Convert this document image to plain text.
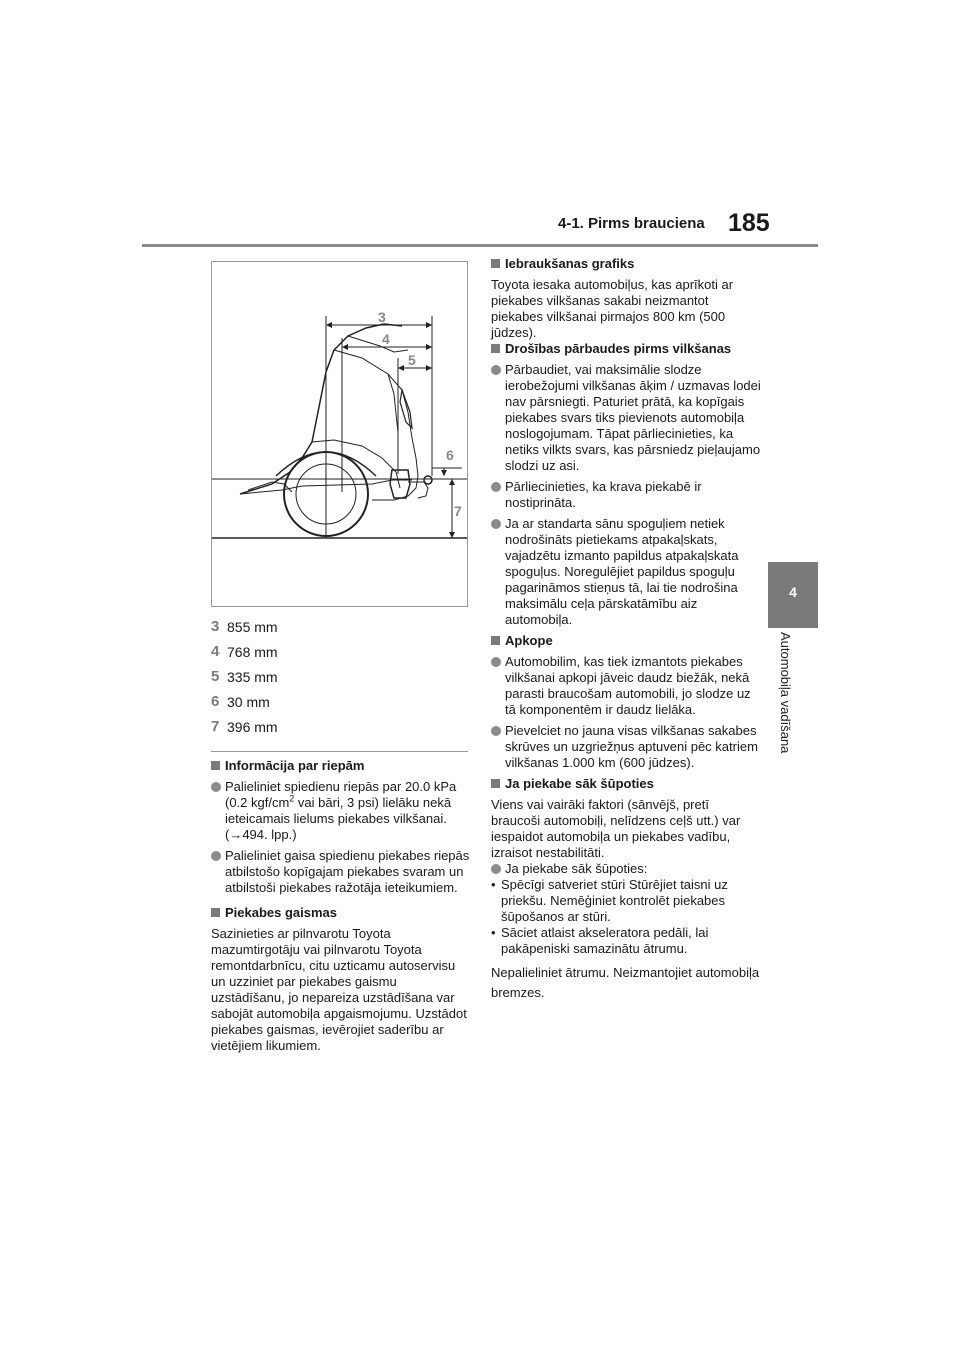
4-1. Pirms brauciena 185
4
Automobiļa vadīšana
3
4
5
6
7
3 855 mm
4 768 mm
5 335 mm
6 30 mm
7 396 mm
Informācija par riepām
Palieliniet spiedienu riepās par 20.0 kPa (0.2 kgf/$cm^2$ vai bāri, 3 psi) lielāku nekā ieteicamais lielums piekabes vilkšanai. (→494. lpp.)
Palieliniet gaisa spiedienu piekabes riepās atbilstošo kopīgajam piekabes svaram un atbilstoši piekabes ražotāja ieteikumiem.
Piekabes gaismas

Sazinieties ar pilnvarotu Toyota mazumtirgotāju vai pilnvarotu Toyota remontdarbnīcu, citu uzticamu autoservisu un uzziniet par piekabes gaismu uzstādīšanu, jo nepareiza uzstādīšana var sabojāt automobiļa apgaismojumu. Uzstādot piekabes gaismas, ievērojiet saderību ar vietējiem likumiem.

Iebraukšanas grafiks

Toyota iesaka automobiļus, kas aprīkoti ar piekabes vilkšanas sakabi neizmantot piekabes vilkšanai pirmajos 800 km (500 jūdzes).

Drošības pārbaudes pirms vilkšanas
Pārbaudiet, vai maksimālie slodze ierobežojumi vilkšanas āķim / uzmavas lodei nav pārsniegti. Paturiet prātā, ka kopīgais piekabes svars tiks pievienots automobiļa noslogojumam. Tāpat pārliecinieties, ka netiks vilkts svars, kas pārsniedz pieļaujamo slodzi uz asi.
Pārliecinieties, ka krava piekabē ir nostiprināta.
Ja ar standarta sānu spoguļiem netiek nodrošināts pietiekams atpakaļskats, vajadzētu izmanto papildus atpakaļskata spoguļus. Noregulējiet papildus spoguļu pagarināmos stieņus tā, lai tie nodrošina maksimālu ceļa pārskatāmību aiz automobiļa.
Apkope
Automobilim, kas tiek izmantots piekabes vilkšanai apkopi jāveic daudz biežāk, nekā parasti braucošam automobili, jo slodze uz tā komponentēm ir daudz lielāka.
Pievelciet no jauna visas vilkšanas sakabes skrūves un uzgriežņus aptuveni pēc katriem vilkšanas 1.000 km (600 jūdzes).
Ja piekabe sāk šūpoties

Viens vai vairāki faktori (sānvējš, pretī braucoši automobiļi, nelīdzens ceļš utt.) var iespaidot automobiļa un piekabes vadību, izraisot nestabilitāti.

Ja piekabe sāk šūpoties:
• Spēcīgi satveriet stūri Stūrējiet taisni uz priekšu. Nemēģiniet kontrolēt piekabes šūpošanos ar stūri.
• Sāciet atlaist akseleratora pedāli, lai pakāpeniski samazinātu ātrumu.

Nepalieliniet ātrumu. Neizmantojiet automobiļa bremzes.
